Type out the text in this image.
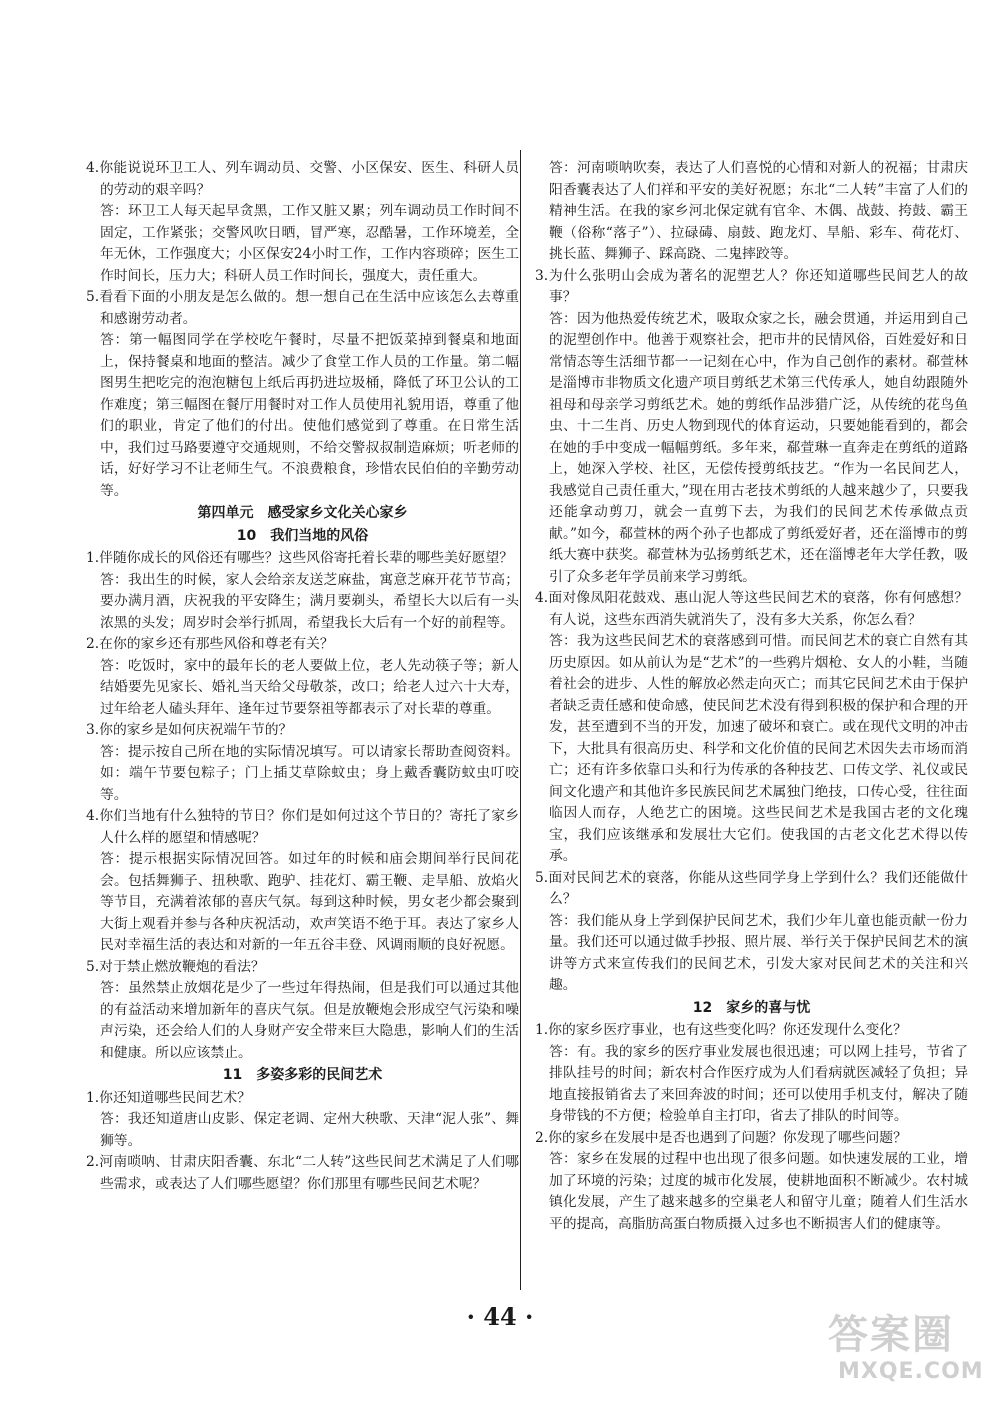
4.你能说说环卫工人、列车调动员、交警、小区保安、医生、科研人员的劳动的艰辛吗？

答：环卫工人每天起早贪黑，工作又脏又累；列车调动员工作时间不固定，工作紧张；交警风吹日晒，冒严寒，忍酷暑，工作环境差，全年无休，工作强度大；小区保安24小时工作，工作内容琐碎；医生工作时间长，压力大；科研人员工作时间长，强度大，责任重大。

5.看看下面的小朋友是怎么做的。想一想自己在生活中应该怎么去尊重和感谢劳动者。

答：第一幅图同学在学校吃午餐时，尽量不把饭菜掉到餐桌和地面上，保持餐桌和地面的整洁。减少了食堂工作人员的工作量。第二幅图男生把吃完的泡泡糖包上纸后再扔进垃圾桶，降低了环卫公认的工作难度；第三幅图在餐厅用餐时对工作人员使用礼貌用语，尊重了他们的职业，肯定了他们的付出。使他们感觉到了尊重。在日常生活中，我们过马路要遵守交通规则，不给交警叔叔制造麻烦；听老师的话，好好学习不让老师生气。不浪费粮食，珍惜农民伯伯的辛勤劳动等。

第四单元　感受家乡文化关心家乡

10　我们当地的风俗

1.伴随你成长的风俗还有哪些？这些风俗寄托着长辈的哪些美好愿望？

答：我出生的时候，家人会给亲友送芝麻盐，寓意芝麻开花节节高；要办满月酒，庆祝我的平安降生；满月要剃头，希望长大以后有一头浓黑的头发；周岁时会举行抓周，希望我长大后有一个好的前程等。

2.在你的家乡还有那些风俗和尊老有关？

答：吃饭时，家中的最年长的老人要做上位，老人先动筷子等；新人结婚要先见家长、婚礼当天给父母敬茶，改口；给老人过六十大寿，过年给老人磕头拜年、逢年过节要祭祖等都表示了对长辈的尊重。

3.你的家乡是如何庆祝端午节的？

答：提示按自己所在地的实际情况填写。可以请家长帮助查阅资料。如：端午节要包粽子；门上插艾草除蚊虫；身上戴香囊防蚊虫叮咬等。

4.你们当地有什么独特的节日？你们是如何过这个节日的？寄托了家乡人什么样的愿望和情感呢？

答：提示根据实际情况回答。如过年的时候和庙会期间举行民间花会。包括舞狮子、扭秧歌、跑驴、挂花灯、霸王鞭、走旱船、放焰火等节目，充满着浓郁的喜庆气氛。每到这种时候，男女老少都会聚到大街上观看并参与各种庆祝活动，欢声笑语不绝于耳。表达了家乡人民对幸福生活的表达和对新的一年五谷丰登、风调雨顺的良好祝愿。

5.对于禁止燃放鞭炮的看法？

答：虽然禁止放烟花是少了一些过年得热闹，但是我们可以通过其他的有益活动来增加新年的喜庆气氛。但是放鞭炮会形成空气污染和噪声污染，还会给人们的人身财产安全带来巨大隐患，影响人们的生活和健康。所以应该禁止。

11　多姿多彩的民间艺术

1.你还知道哪些民间艺术？

答：我还知道唐山皮影、保定老调、定州大秧歌、天津“泥人张”、舞狮等。

2.河南唢呐、甘肃庆阳香囊、东北“二人转”这些民间艺术满足了人们哪些需求，或表达了人们哪些愿望？你们那里有哪些民间艺术呢？

答：河南唢呐吹奏，表达了人们喜悦的心情和对新人的祝福；甘肃庆阳香囊表达了人们祥和平安的美好祝愿；东北“二人转”丰富了人们的精神生活。在我的家乡河北保定就有官伞、木偶、战鼓、挎鼓、霸王鞭（俗称“落子”）、拉碌碡、扇鼓、跑龙灯、旱船、彩车、荷花灯、挑长蓝、舞狮子、踩高跷、二鬼摔跤等。

3.为什么张明山会成为著名的泥塑艺人？你还知道哪些民间艺人的故事？

答：因为他热爱传统艺术，吸取众家之长，融会贯通，并运用到自己的泥塑创作中。他善于观察社会，把市井的民情风俗，百姓爱好和日常情态等生活细节都一一记刻在心中，作为自己创作的素材。郗萱林是淄博市非物质文化遗产项目剪纸艺术第三代传承人，她自幼跟随外祖母和母亲学习剪纸艺术。她的剪纸作品涉猎广泛，从传统的花鸟鱼虫、十二生肖、历史人物到现代的体育运动，只要她能看到的，都会在她的手中变成一幅幅剪纸。多年来，郗萱琳一直奔走在剪纸的道路上，她深入学校、社区，无偿传授剪纸技艺。“作为一名民间艺人，我感觉自己责任重大，”现在用古老技术剪纸的人越来越少了，只要我还能拿动剪刀，就会一直剪下去，为我们的民间艺术传承做点贡献。”如今，郗萱林的两个孙子也都成了剪纸爱好者，还在淄博市的剪纸大赛中获奖。郗萱林为弘扬剪纸艺术，还在淄博老年大学任教，吸引了众多老年学员前来学习剪纸。

4.面对像凤阳花鼓戏、惠山泥人等这些民间艺术的衰落，你有何感想？有人说，这些东西消失就消失了，没有多大关系，你怎么看？

答：我为这些民间艺术的衰落感到可惜。而民间艺术的衰亡自然有其历史原因。如从前认为是“艺术”的一些鸦片烟枪、女人的小鞋，当随着社会的进步、人性的解放必然走向灭亡；而其它民间艺术由于保护者缺乏责任感和使命感，使民间艺术没有得到积极的保护和合理的开发，甚至遭到不当的开发，加速了破坏和衰亡。或在现代文明的冲击下，大批具有很高历史、科学和文化价值的民间艺术因失去市场而消亡；还有许多依靠口头和行为传承的各种技艺、口传文学、礼仪或民间文化遗产和其他许多民族民间艺术属独门绝技，口传心受，往往面临因人而存，人绝艺亡的困境。这些民间艺术是我国古老的文化瑰宝，我们应该继承和发展壮大它们。使我国的古老文化艺术得以传承。

5.面对民间艺术的衰落，你能从这些同学身上学到什么？我们还能做什么？

答：我们能从身上学到保护民间艺术，我们少年儿童也能贡献一份力量。我们还可以通过做手抄报、照片展、举行关于保护民间艺术的演讲等方式来宣传我们的民间艺术，引发大家对民间艺术的关注和兴趣。

12　家乡的喜与忧

1.你的家乡医疗事业，也有这些变化吗？你还发现什么变化？

答：有。我的家乡的医疗事业发展也很迅速；可以网上挂号，节省了排队挂号的时间；新农村合作医疗成为人们看病就医减轻了负担；异地直接报销省去了来回奔波的时间；还可以使用手机支付，解决了随身带钱的不方便；检验单自主打印，省去了排队的时间等。

2.你的家乡在发展中是否也遇到了问题？你发现了哪些问题？

答：家乡在发展的过程中也出现了很多问题。如快速发展的工业，增加了环境的污染；过度的城市化发展，使耕地面积不断减少。农村城镇化发展，产生了越来越多的空巢老人和留守儿童；随着人们生活水平的提高，高脂肪高蛋白物质摄入过多也不断损害人们的健康等。

· 44 ·	答案圈
MXQE.COM
